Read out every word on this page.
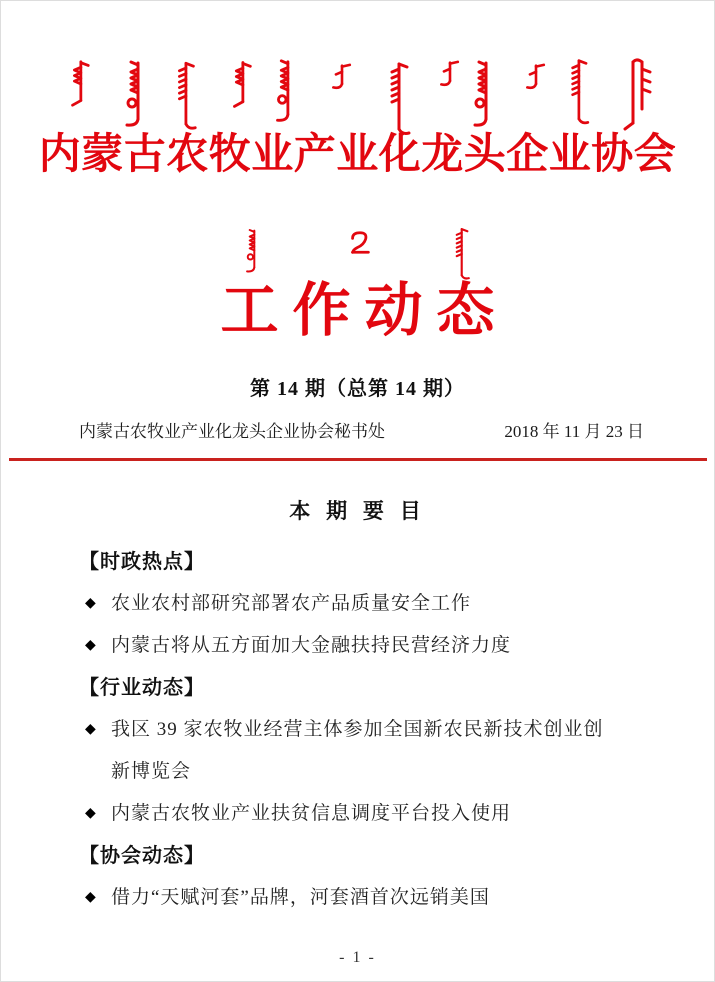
内蒙古农牧业产业化龙头企业协会
工作动态
第 14 期（总第 14 期）
内蒙古农牧业产业化龙头企业协会秘书处	2018 年 11 月 23 日
本 期 要 目
【时政热点】
◆ 农业农村部研究部署农产品质量安全工作
◆ 内蒙古将从五方面加大金融扶持民营经济力度
【行业动态】
◆ 我区 39 家农牧业经营主体参加全国新农民新技术创业创新博览会
◆ 内蒙古农牧业产业扶贫信息调度平台投入使用
【协会动态】
◆ 借力“天赋河套”品牌，河套酒首次远销美国
- 1 -
